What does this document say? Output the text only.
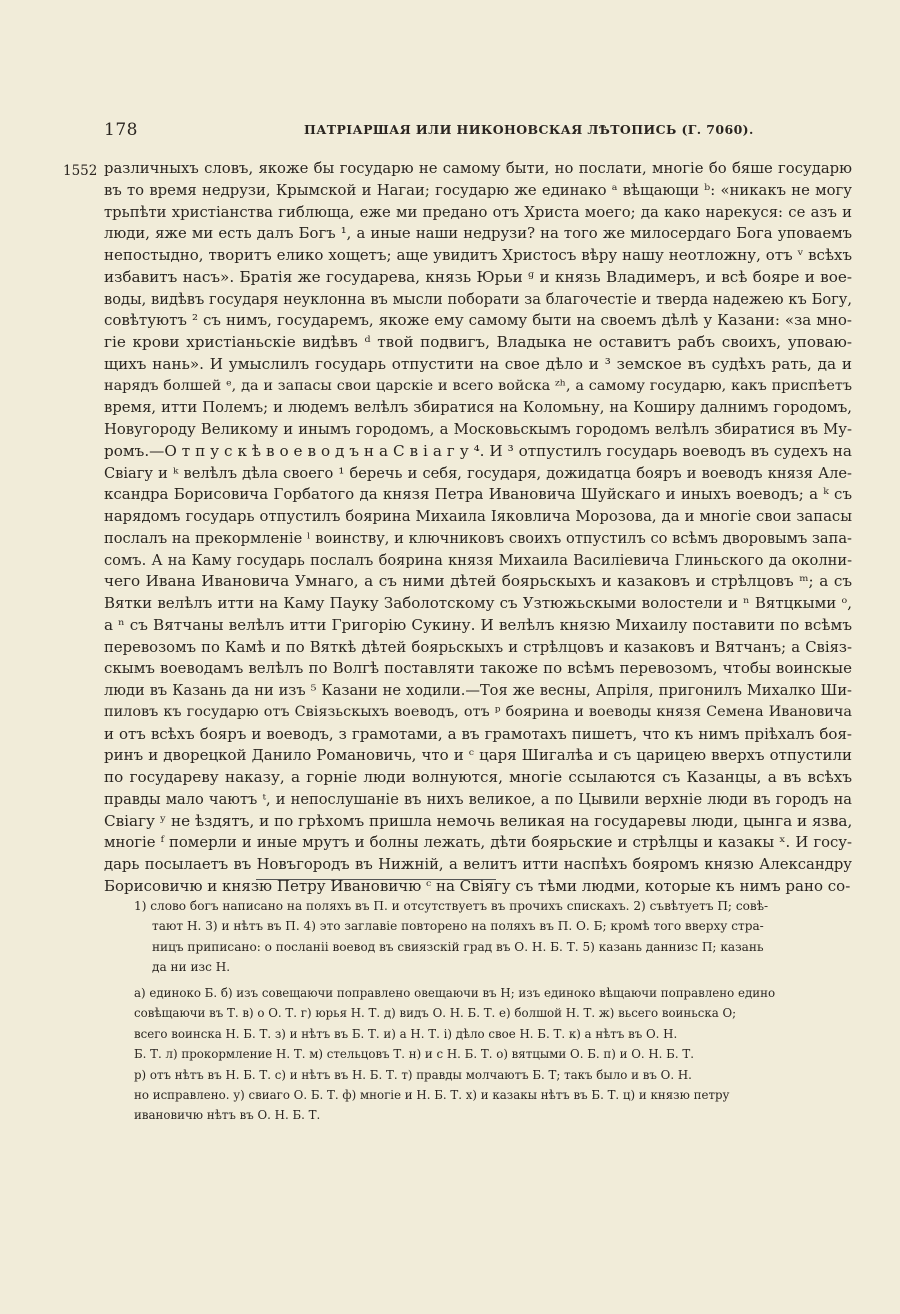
178	ПАТРІАРШАЯ ИЛИ НИКОНОВСКАЯ ЛѢТОПИСЬ (Г. 7060).
1552 различныхъ словъ, якоже бы государю не самому быти, но послати, многіе бо бяше государю
въ то время недрузи, Крымской и Нагаи; государю же единако ᵃ вѣщающи ᵇ: «никакъ не могу
трьпѣти христіанства гиблюща, еже ми предано отъ Христа моего; да како нарекуся: се азъ и
люди, яже ми есть далъ Богъ ¹, а иные наши недрузи? на того же милосердаго Бога уповаемъ
непостыдно, творитъ елико хощетъ; аще увидитъ Христосъ вѣру нашу неотложну, отъ ᵛ всѣхъ
избавитъ насъ». Братія же государева, князь Юрьи ᶢ и князь Владимеръ, и всѣ бояре и вое-
воды, видѣвъ государя неуклонна въ мысли поборати за благочестіе и тверда надежею къ Богу,
совѣтуютъ ² съ нимъ, государемъ, якоже ему самому быти на своемъ дѣлѣ у Казани: «за мно-
гіе крови христіаньскіе видѣвъ ᵈ твой подвигъ, Владыка не оставитъ рабъ своихъ, уповаю-
щихъ нань». И умыслилъ государь отпустити на свое дѣло и ³ земское въ судѣхъ рать, да и
нарядъ болшей ᵉ, да и запасы свои царскіе и всего войска ᶻʰ, а самому государю, какъ приспѣетъ
время, итти Полемъ; и людемъ велѣлъ збиратися на Коломьну, на Коширу далнимъ городомъ,
Новугороду Великому и инымъ городомъ, а Московьскымъ городомъ велѣлъ збиратися въ Му-
ромъ.—О т п у с к ѣ в о е в о д ъ н а С в і а г у ⁴. И ³ отпустилъ государь воеводъ въ судехъ на
Свіагу и ᵏ велѣлъ дѣла своего ¹ беречь и себя, государя, дожидатца бояръ и воеводъ князя Але-
ксандра Борисовича Горбатого да князя Петра Ивановича Шуйскаго и иныхъ воеводъ; а ᵏ съ
нарядомъ государь отпустилъ боярина Михаила Іяковлича Морозова, да и многіе свои запасы
послалъ на прекормленіе ˡ воинству, и ключниковъ своихъ отпустилъ со всѣмъ дворовымъ запа-
сомъ. А на Каму государь послалъ боярина князя Михаила Василіевича Глиньского да околни-
чего Ивана Ивановича Умнаго, а съ ними дѣтей боярьскыхъ и казаковъ и стрѣлцовъ ᵐ; а съ
Вятки велѣлъ итти на Каму Пауку Заболотскому съ Узтюжьскыми волостели и ⁿ Вятцкыми ᵒ,
а ⁿ съ Вятчаны велѣлъ итти Григорію Сукину. И велѣлъ князю Михаилу поставити по всѣмъ
перевозомъ по Камѣ и по Вяткѣ дѣтей боярьскыхъ и стрѣлцовъ и казаковъ и Вятчанъ; а Свіяз-
скымъ воеводамъ велѣлъ по Волгѣ поставляти такоже по всѣмъ перевозомъ, чтобы воинскые
люди въ Казань да ни изъ ⁵ Казани не ходили.—Тоя же весны, Апріля, пригонилъ Михалко Ши-
пиловъ къ государю отъ Свіязьскыхъ воеводъ, отъ ᵖ боярина и воеводы князя Семена Ивановича
и отъ всѣхъ бояръ и воеводъ, з грамотами, а въ грамотахъ пишетъ, что къ нимъ пріѣхалъ боя-
ринъ и дворецкой Данило Романовичь, что и ᶜ царя Шигалѣа и съ царицею вверхъ отпустили
по государеву наказу, а горніе люди волнуются, многіе ссылаются съ Казанцы, а въ всѣхъ
правды мало чаютъ ᵗ, и непослушаніе въ нихъ великое, а по Цывили верхніе люди въ городъ на
Свіагу ʸ не ѣздятъ, и по грѣхомъ пришла немочь великая на государевы люди, цынга и язва,
многіе ᶠ померли и иные мрутъ и болны лежать, дѣти боярьские и стрѣлцы и казакы ˣ. И госу-
дарь посылаетъ въ Новъгородъ въ Нижній, а велитъ итти наспѣхъ бояромъ князю Александру
Борисовичю и князю Петру Ивановичю ᶜ на Свіягу съ тѣми людми, которые къ нимъ рано со-
1) слово богъ написано на поляхъ въ П. и отсутствуетъ въ прочихъ спискахъ. 2) съвѣтуетъ П; совѣ-
тают Н. 3) и нѣтъ въ П. 4) это заглавіе повторено на поляхъ въ П. О. Б; кромѣ того вверху стра-
ницъ приписано: о посланіі воевод въ свиязскій град въ О. Н. Б. Т. 5) казань даннизс П; казань
да ни изс Н.
а) единоко Б. б) изъ совещаючи поправлено овещаючи въ Н; изъ единоко вѣщаючи поправлено едино
совѣщаючи въ Т. в) о О. Т. г) юрья Н. Т. д) видъ О. Н. Б. Т. е) болшой Н. Т. ж) вьсего воиньска О;
всего воинска Н. Б. Т. з) и нѣтъ въ Б. Т. и) а Н. Т. і) дѣло свое Н. Б. Т. к) а нѣтъ въ О. Н.
Б. Т. л) прокормление Н. Т. м) стельцовъ Т. н) и с Н. Б. Т. о) вятцыми О. Б. п) и О. Н. Б. Т.
р) отъ нѣтъ въ Н. Б. Т. с) и нѣтъ въ Н. Б. Т. т) правды молчаютъ Б. Т; такъ было и въ О. Н.
но исправлено. у) свиаго О. Б. Т. ф) многіе и Н. Б. Т. х) и казакы нѣтъ въ Б. Т. ц) и князю петру
ивановичю нѣтъ въ О. Н. Б. Т.
